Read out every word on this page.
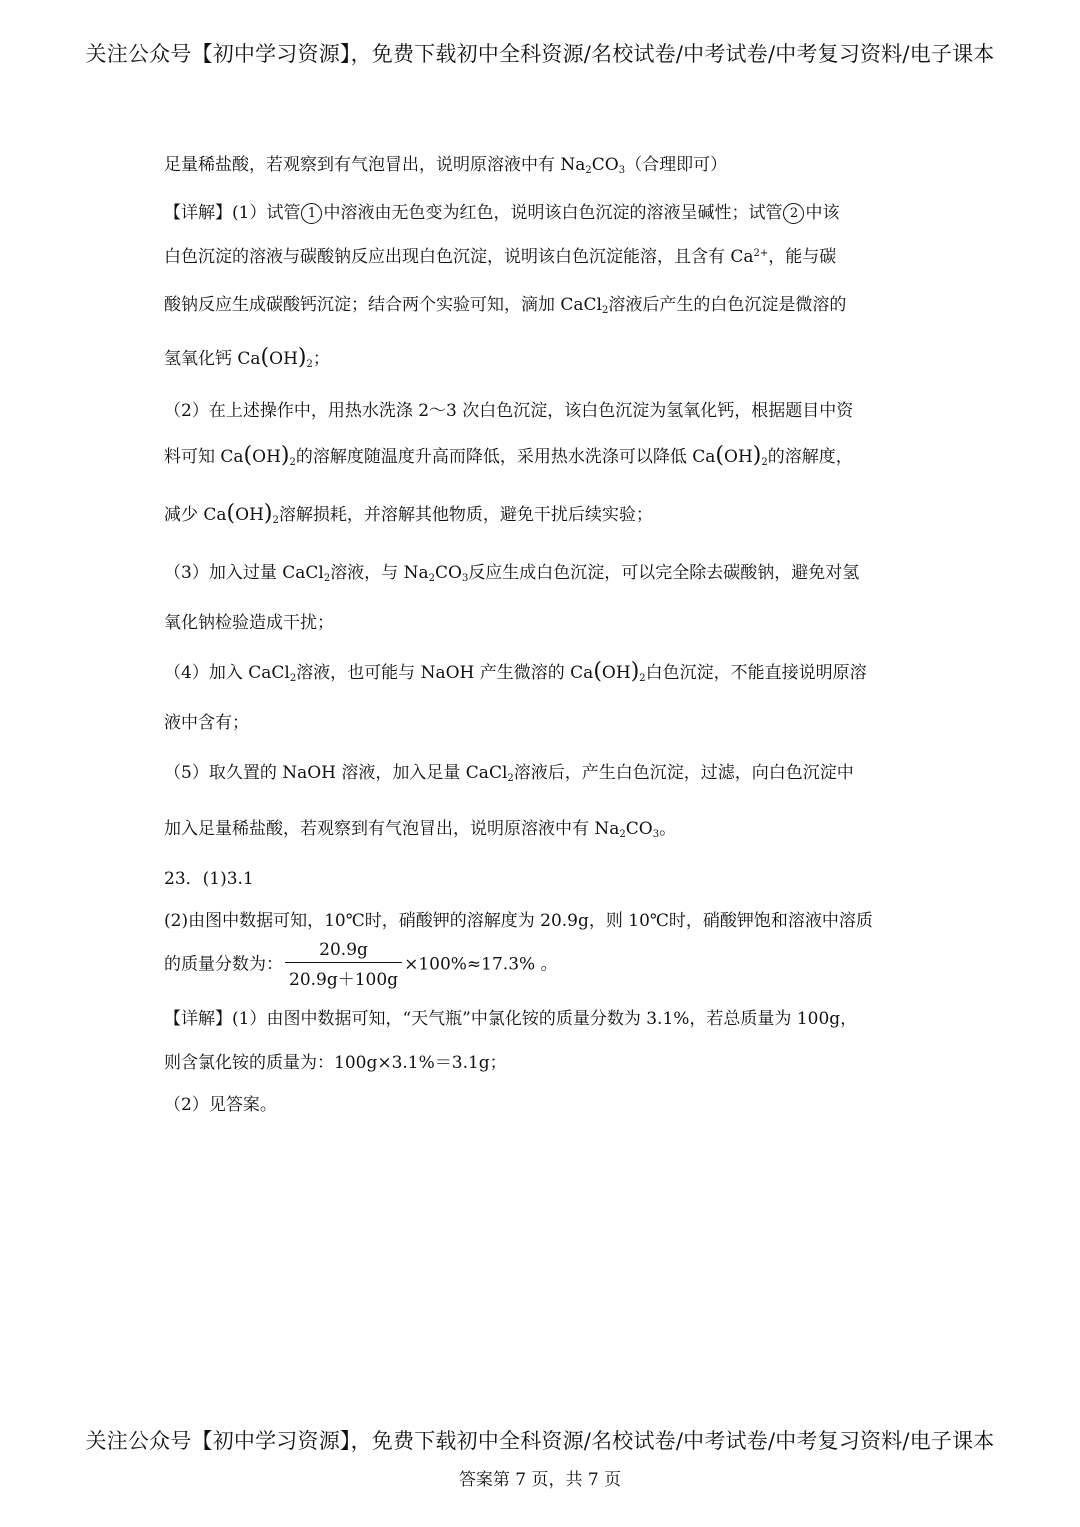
关注公众号【初中学习资源】，免费下载初中全科资源/名校试卷/中考试卷/中考复习资料/电子课本
足量稀盐酸，若观察到有气泡冒出，说明原溶液中有 $Na_2CO_3$（合理即可）
【详解】(1）试管 1 中溶液由无色变为红色，说明该白色沉淀的溶液呈碱性；试管 2 中该
白色沉淀的溶液与碳酸钠反应出现白色沉淀，说明该白色沉淀能溶，且含有 $Ca^{2+}$，能与碳
酸钠反应生成碳酸钙沉淀；结合两个实验可知，滴加 CaCl$_2$溶液后产生的白色沉淀是微溶的
氢氧化钙 $Ca(OH)_2$；
（2）在上述操作中，用热水洗涤 2～3 次白色沉淀，该白色沉淀为氢氧化钙，根据题目中资
料可知 $Ca(OH)_2$的溶解度随温度升高而降低，采用热水洗涤可以降低 $Ca(OH)_2$的溶解度，
减少 $Ca(OH)_2$溶解损耗，并溶解其他物质，避免干扰后续实验；
（3）加入过量 CaCl$_2$溶液，与 $Na_2CO_3$反应生成白色沉淀，可以完全除去碳酸钠，避免对氢
氧化钠检验造成干扰；
（4）加入 CaCl$_2$溶液，也可能与 NaOH 产生微溶的 $Ca(OH)_2$白色沉淀，不能直接说明原溶
液中含有；
（5）取久置的 NaOH 溶液，加入足量 CaCl$_2$溶液后，产生白色沉淀，过滤，向白色沉淀中
加入足量稀盐酸，若观察到有气泡冒出，说明原溶液中有 $Na_2CO_3$。
23．(1)3.1
(2)由图中数据可知，10℃时，硝酸钾的溶解度为 20.9g，则 10℃时，硝酸钾饱和溶液中溶质
的质量分数为： $\frac{20.9g}{20.9g+100g} \times 100\%\approx 17.3\%$ 。
【详解】(1）由图中数据可知，“天气瓶”中氯化铵的质量分数为 3.1%，若总质量为 100g，
则含氯化铵的质量为：100g×3.1%＝3.1g；
（2）见答案。
关注公众号【初中学习资源】，免费下载初中全科资源/名校试卷/中考试卷/中考复习资料/电子课本
答案第 7 页，共 7 页
